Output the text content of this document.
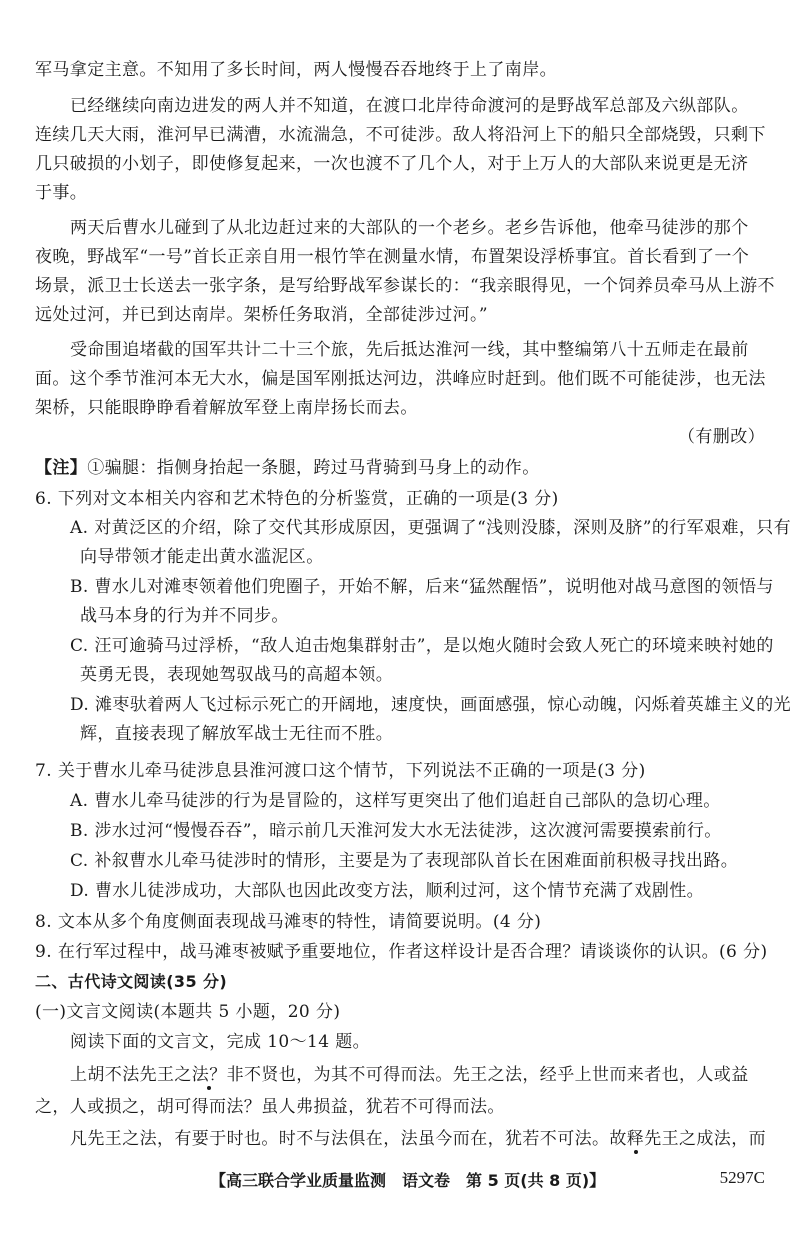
军马拿定主意。不知用了多长时间，两人慢慢吞吞地终于上了南岸。
已经继续向南边进发的两人并不知道，在渡口北岸待命渡河的是野战军总部及六纵部队。
连续几天大雨，淮河早已满漕，水流湍急，不可徒涉。敌人将沿河上下的船只全部烧毁，只剩下
几只破损的小划子，即使修复起来，一次也渡不了几个人，对于上万人的大部队来说更是无济
于事。
两天后曹水儿碰到了从北边赶过来的大部队的一个老乡。老乡告诉他，他牵马徒涉的那个
夜晚，野战军“一号”首长正亲自用一根竹竿在测量水情，布置架设浮桥事宜。首长看到了一个
场景，派卫士长送去一张字条，是写给野战军参谋长的：“我亲眼得见，一个饲养员牵马从上游不
远处过河，并已到达南岸。架桥任务取消，全部徒涉过河。”
受命围追堵截的国军共计二十三个旅，先后抵达淮河一线，其中整编第八十五师走在最前
面。这个季节淮河本无大水，偏是国军刚抵达河边，洪峰应时赶到。他们既不可能徒涉，也无法
架桥，只能眼睁睁看着解放军登上南岸扬长而去。
（有删改）
【注】①骗腿：指侧身抬起一条腿，跨过马背骑到马身上的动作。
6. 下列对文本相关内容和艺术特色的分析鉴赏，正确的一项是(3 分)
A. 对黄泛区的介绍，除了交代其形成原因，更强调了“浅则没膝，深则及脐”的行军艰难，只有
向导带领才能走出黄水滥泥区。
B. 曹水儿对滩枣领着他们兜圈子，开始不解，后来“猛然醒悟”，说明他对战马意图的领悟与
战马本身的行为并不同步。
C. 汪可逾骑马过浮桥，“敌人迫击炮集群射击”，是以炮火随时会致人死亡的环境来映衬她的
英勇无畏，表现她驾驭战马的高超本领。
D. 滩枣驮着两人飞过标示死亡的开阔地，速度快，画面感强，惊心动魄，闪烁着英雄主义的光
辉，直接表现了解放军战士无往而不胜。
7. 关于曹水儿牵马徒涉息县淮河渡口这个情节，下列说法不正确的一项是(3 分)
A. 曹水儿牵马徒涉的行为是冒险的，这样写更突出了他们追赶自己部队的急切心理。
B. 涉水过河“慢慢吞吞”，暗示前几天淮河发大水无法徒涉，这次渡河需要摸索前行。
C. 补叙曹水儿牵马徒涉时的情形，主要是为了表现部队首长在困难面前积极寻找出路。
D. 曹水儿徒涉成功，大部队也因此改变方法，顺利过河，这个情节充满了戏剧性。
8. 文本从多个角度侧面表现战马滩枣的特性，请简要说明。(4 分)
9. 在行军过程中，战马滩枣被赋予重要地位，作者这样设计是否合理？请谈谈你的认识。(6 分)
二、古代诗文阅读(35 分)
(一)文言文阅读(本题共 5 小题，20 分)
阅读下面的文言文，完成 10～14 题。
上胡不法先王之法？非不贤也，为其不可得而法。先王之法，经乎上世而来者也，人或益
之，人或损之，胡可得而法？虽人弗损益，犹若不可得而法。
凡先王之法，有要于时也。时不与法俱在，法虽今而在，犹若不可法。故释先王之成法，而
【高三联合学业质量监测　语文卷　第 5 页(共 8 页)】	5297C
